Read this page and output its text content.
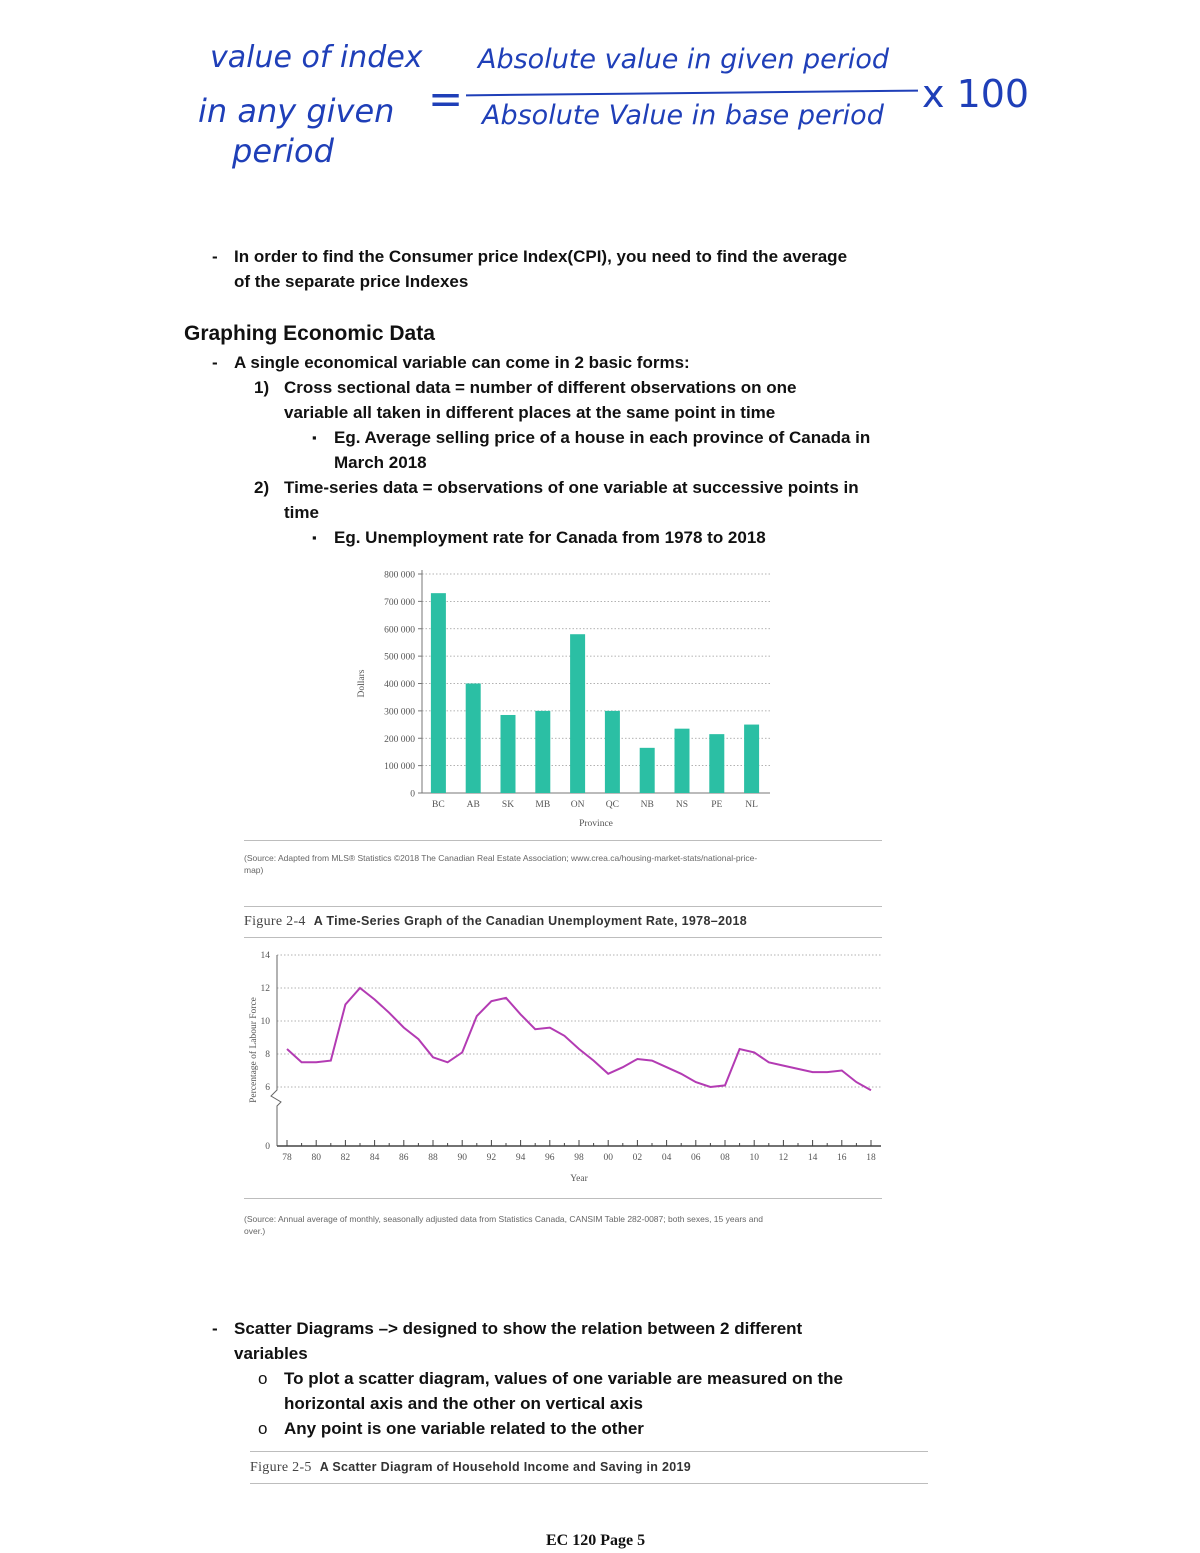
value of index
in any given
period
=
Absolute value in given period
Absolute Value in base period x 100
- In order to find the Consumer price Index(CPI), you need to find the average
of the separate price Indexes
Graphing Economic Data
- A single economical variable can come in 2 basic forms:
1) Cross sectional data = number of different observations on one
variable all taken in different places at the same point in time
▪ Eg. Average selling price of a house in each province of Canada in
March 2018
2) Time-series data = observations of one variable at successive points in
time
▪ Eg. Unemployment rate for Canada from 1978 to 2018
0
100 000
200 000
300 000
400 000
500 000
600 000
700 000
800 000
BC AB SK MB ON QC NB NS PE NL
Province
Dollars
(Source: Adapted from MLS® Statistics ©2018 The Canadian Real Estate Association; www.crea.ca/housing-market-stats/national-price-
map)
Figure 2-4 A Time-Series Graph of the Canadian Unemployment Rate, 1978–2018
0
6
8
10
12
14
78 80 82 84 86 88 90 92 94 96 98 00 02 04 06 08 10 12 14 16 18
Year
Percentage of Labour Force
(Source: Annual average of monthly, seasonally adjusted data from Statistics Canada, CANSIM Table 282-0087; both sexes, 15 years and
over.)
- Scatter Diagrams –> designed to show the relation between 2 different
variables
o To plot a scatter diagram, values of one variable are measured on the
horizontal axis and the other on vertical axis
o Any point is one variable related to the other
Figure 2-5 A Scatter Diagram of Household Income and Saving in 2019
EC 120 Page 5
